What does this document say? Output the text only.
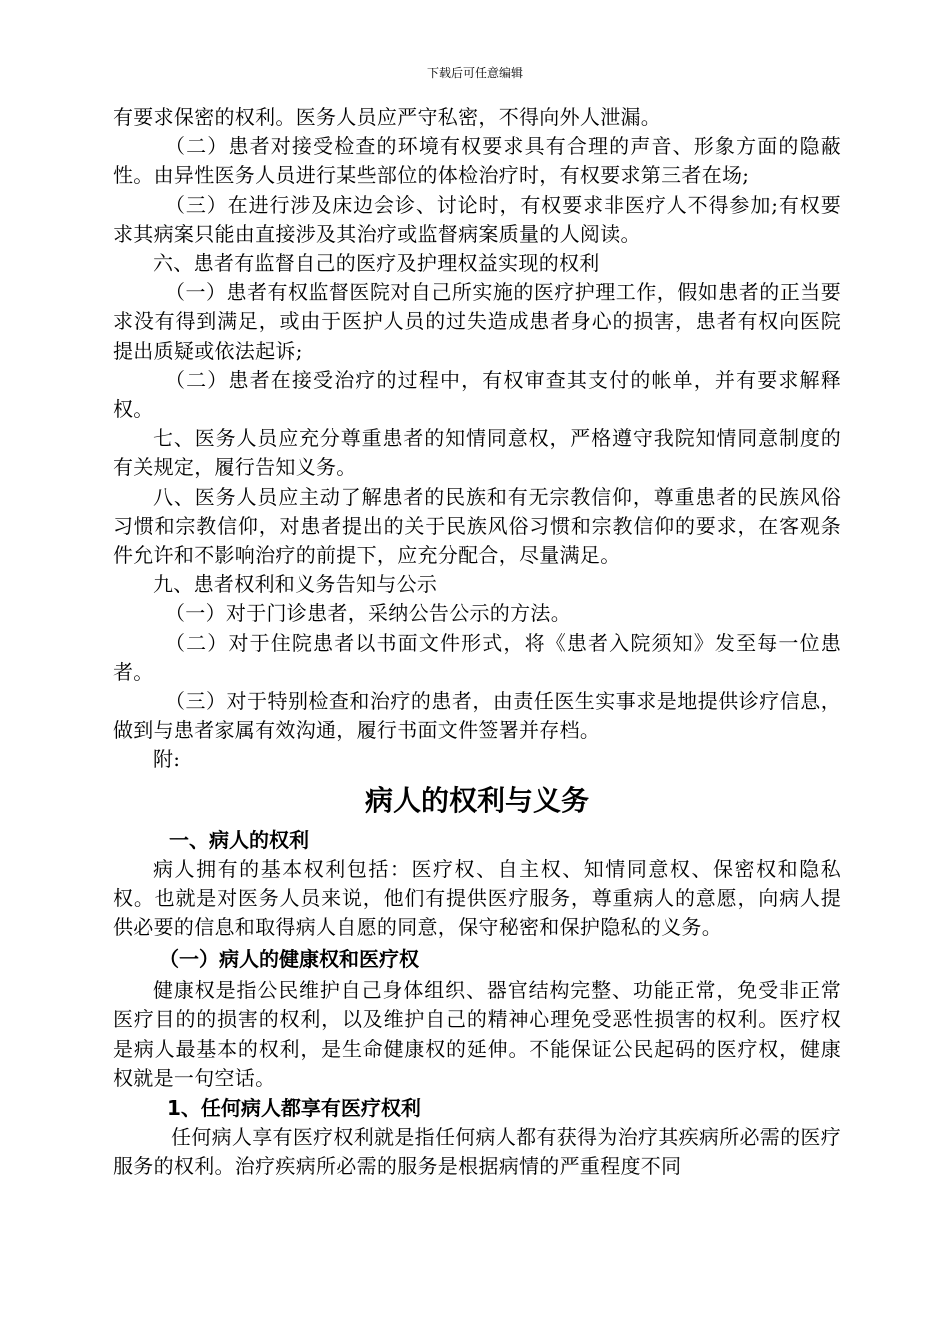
下载后可任意编辑

有要求保密的权利。医务人员应严守私密，不得向外人泄漏。

（二）患者对接受检查的环境有权要求具有合理的声音、形象方面的隐蔽性。由异性医务人员进行某些部位的体检治疗时，有权要求第三者在场;

（三）在进行涉及床边会诊、讨论时，有权要求非医疗人不得参加;有权要求其病案只能由直接涉及其治疗或监督病案质量的人阅读。

六、患者有监督自己的医疗及护理权益实现的权利

（一）患者有权监督医院对自己所实施的医疗护理工作，假如患者的正当要求没有得到满足，或由于医护人员的过失造成患者身心的损害，患者有权向医院提出质疑或依法起诉;

（二）患者在接受治疗的过程中，有权审查其支付的帐单，并有要求解释权。

七、医务人员应充分尊重患者的知情同意权，严格遵守我院知情同意制度的有关规定，履行告知义务。

八、医务人员应主动了解患者的民族和有无宗教信仰，尊重患者的民族风俗习惯和宗教信仰，对患者提出的关于民族风俗习惯和宗教信仰的要求，在客观条件允许和不影响治疗的前提下，应充分配合，尽量满足。

九、患者权利和义务告知与公示

（一）对于门诊患者，采纳公告公示的方法。

（二）对于住院患者以书面文件形式，将《患者入院须知》发至每一位患者。

（三）对于特别检查和治疗的患者，由责任医生实事求是地提供诊疗信息，做到与患者家属有效沟通，履行书面文件签署并存档。

附:

病人的权利与义务
一、病人的权利

病人拥有的基本权利包括：医疗权、自主权、知情同意权、保密权和隐私权。也就是对医务人员来说，他们有提供医疗服务，尊重病人的意愿，向病人提供必要的信息和取得病人自愿的同意，保守秘密和保护隐私的义务。

（一）病人的健康权和医疗权

健康权是指公民维护自己身体组织、器官结构完整、功能正常，免受非正常医疗目的的损害的权利，以及维护自己的精神心理免受恶性损害的权利。医疗权是病人最基本的权利，是生命健康权的延伸。不能保证公民起码的医疗权，健康权就是一句空话。

1、任何病人都享有医疗权利

任何病人享有医疗权利就是指任何病人都有获得为治疗其疾病所必需的医疗服务的权利。治疗疾病所必需的服务是根据病情的严重程度不同
